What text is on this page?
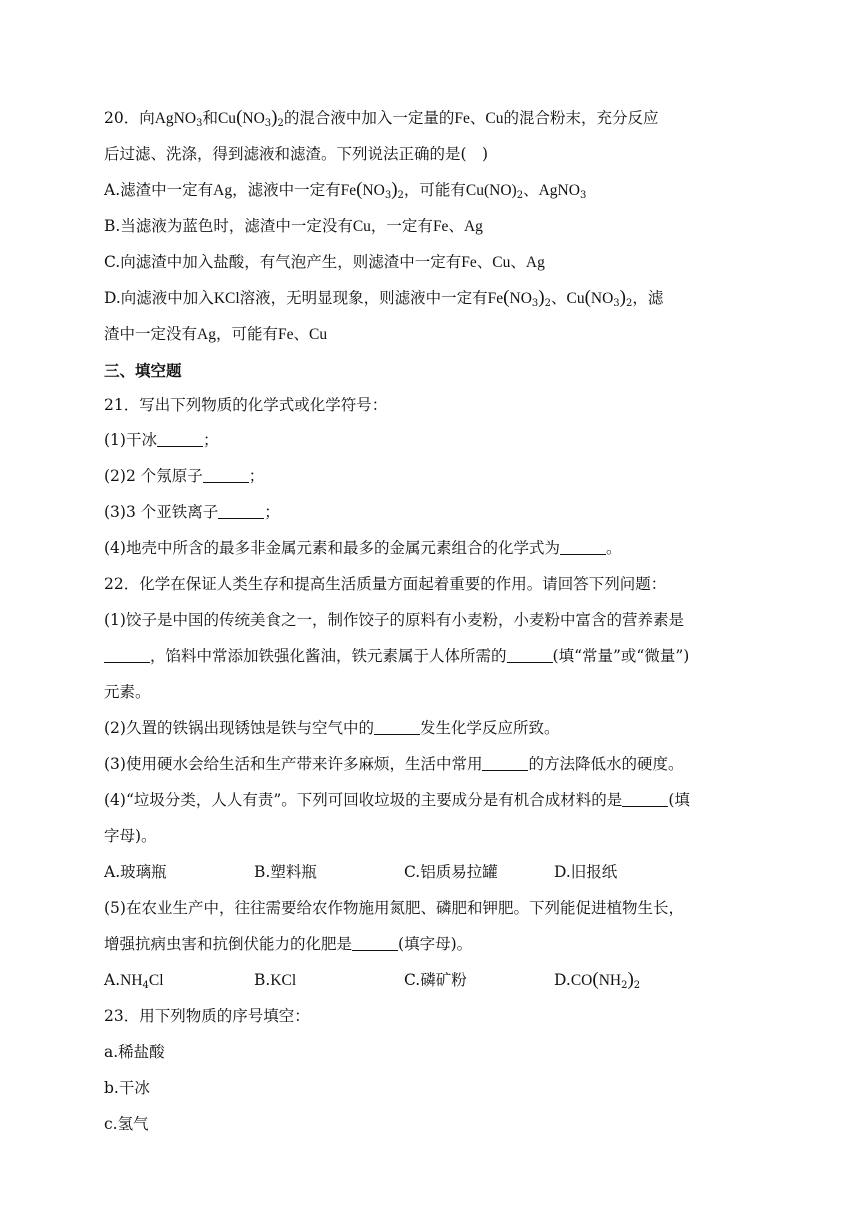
20．向AgNO$_3$和$Cu(NO_3)_2$的混合液中加入一定量的Fe、Cu的混合粉末，充分反应
后过滤、洗涤，得到滤液和滤渣。下列说法正确的是(　)
A.滤渣中一定有Ag，滤液中一定有$Fe(NO_3)_2$，可能有$Cu(NO)_2$、AgNO$_3$
B.当滤液为蓝色时，滤渣中一定没有Cu，一定有Fe、Ag
C.向滤渣中加入盐酸，有气泡产生，则滤渣中一定有Fe、Cu、Ag
D.向滤液中加入KCl溶液，无明显现象，则滤液中一定有$Fe(NO_3)_2$、$Cu(NO_3)_2$，滤
渣中一定没有Ag，可能有Fe、Cu
三、填空题
21．写出下列物质的化学式或化学符号：
(1)干冰	；
(2)2 个氖原子	；
(3)3 个亚铁离子	；
(4)地壳中所含的最多非金属元素和最多的金属元素组合的化学式为	。
22．化学在保证人类生存和提高生活质量方面起着重要的作用。请回答下列问题：
(1)饺子是中国的传统美食之一，制作饺子的原料有小麦粉，小麦粉中富含的营养素是
，馅料中常添加铁强化酱油，铁元素属于人体所需的	(填“常量”或“微量”)
元素。
(2)久置的铁锅出现锈蚀是铁与空气中的	发生化学反应所致。
(3)使用硬水会给生活和生产带来许多麻烦，生活中常用	的方法降低水的硬度。
(4)“垃圾分类，人人有责”。下列可回收垃圾的主要成分是有机合成材料的是	(填
字母)。
A.玻璃瓶	B.塑料瓶	C.铝质易拉罐	D.旧报纸
(5)在农业生产中，往往需要给农作物施用氮肥、磷肥和钾肥。下列能促进植物生长，
增强抗病虫害和抗倒伏能力的化肥是	(填字母)。
$A.NH_4Cl$	B.KCl	C.磷矿粉	$D.CO(NH_2)_2$
23．用下列物质的序号填空：
a.稀盐酸
b.干冰
c.氢气
